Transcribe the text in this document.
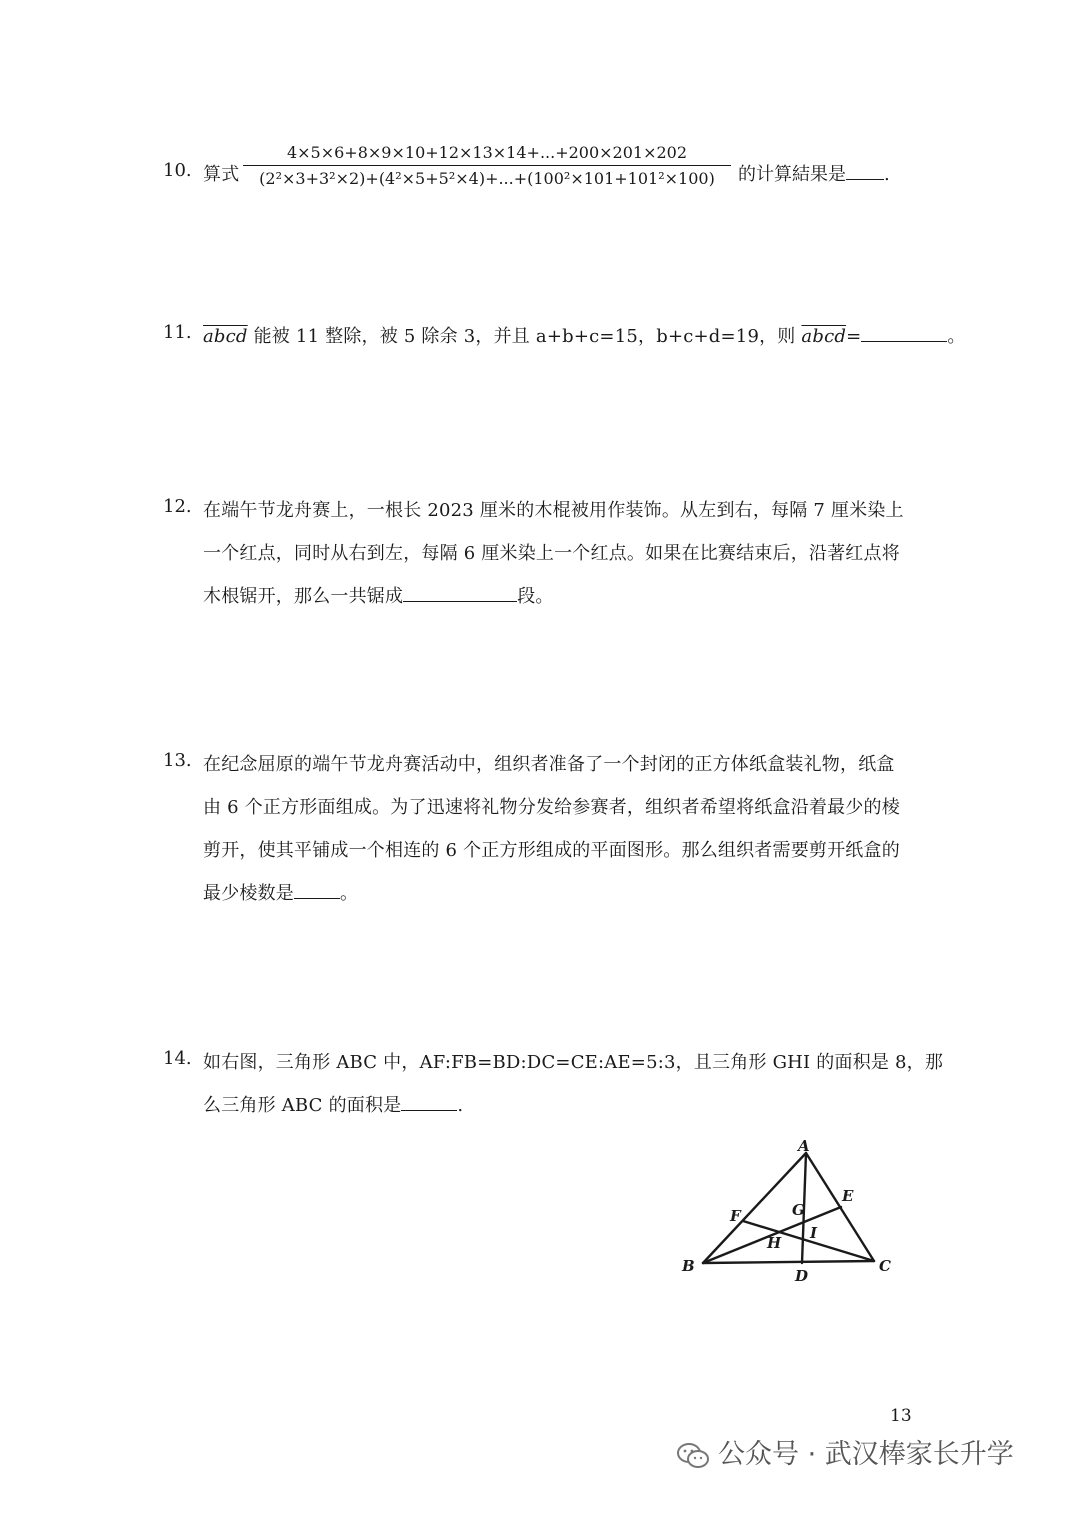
10. 算式
4×5×6+8×9×10+12×13×14+...+200×201×202
(2²×3+3²×2)+(4²×5+5²×4)+...+(100²×101+101²×100)	的计算結果是 .
11. abcd 能被 11 整除，被 5 除余 3，并且 a+b+c=15，b+c+d=19，则 abcd=	。
12. 在端午节龙舟赛上，一根长 2023 厘米的木棍被用作装饰。从左到右，每隔 7 厘米染上
一个红点，同时从右到左，每隔 6 厘米染上一个红点。如果在比赛结束后，沿著红点将
木根锯开，那么一共锯成	段。
13. 在纪念屈原的端午节龙舟赛活动中，组织者准备了一个封闭的正方体纸盒装礼物，纸盒
由 6 个正方形面组成。为了迅速将礼物分发给参赛者，组织者希望将纸盒沿着最少的棱
剪开，使其平铺成一个相连的 6 个正方形组成的平面图形。那么组织者需要剪开纸盒的
最少棱数是	。
14. 如右图，三角形 ABC 中，AF:FB=BD:DC=CE:AE=5:3，且三角形 GHI 的面积是 8，那
么三角形 ABC 的面积是	.
A
B	C
D
E
F	G
H
I
13
公众号 · 武汉棒家长升学
